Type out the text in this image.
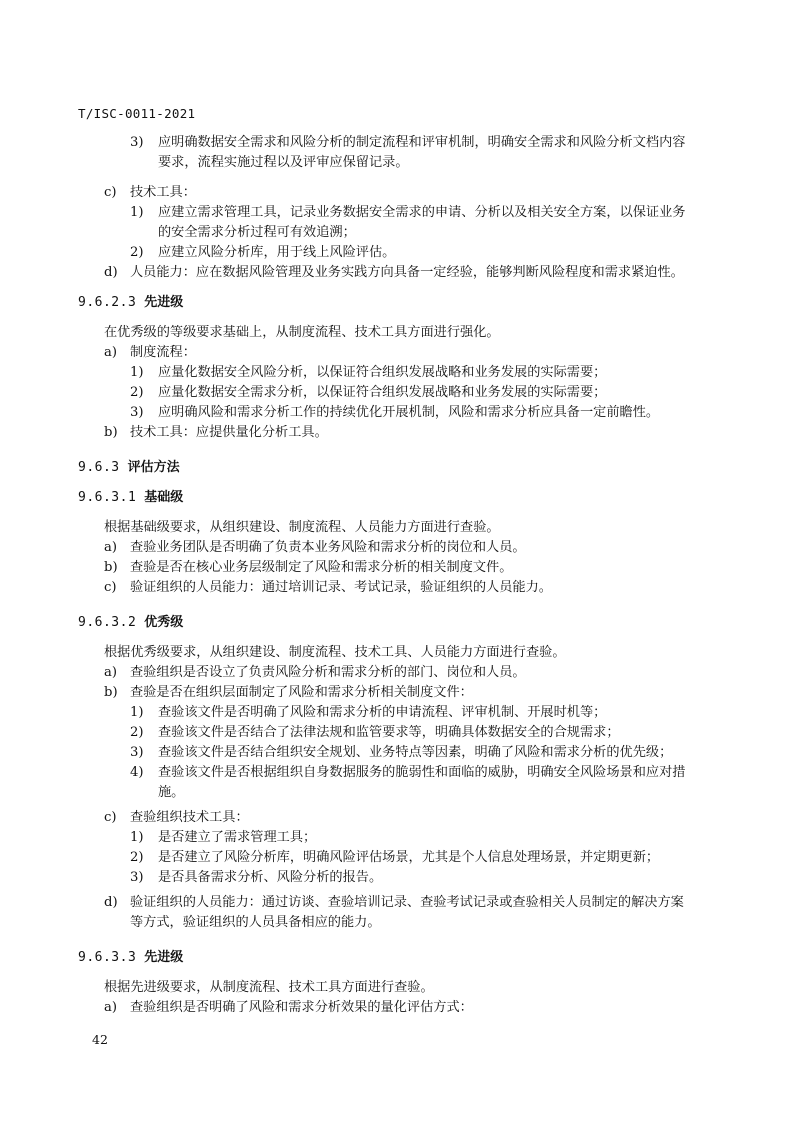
T/ISC-0011-2021
3) 应明确数据安全需求和风险分析的制定流程和评审机制，明确安全需求和风险分析文档内容
要求，流程实施过程以及评审应保留记录。
c) 技术工具：
1) 应建立需求管理工具，记录业务数据安全需求的申请、分析以及相关安全方案，以保证业务
的安全需求分析过程可有效追溯；
2) 应建立风险分析库，用于线上风险评估。
d) 人员能力：应在数据风险管理及业务实践方向具备一定经验，能够判断风险程度和需求紧迫性。
9.6.2.3 先进级
在优秀级的等级要求基础上，从制度流程、技术工具方面进行强化。
a) 制度流程：
1) 应量化数据安全风险分析，以保证符合组织发展战略和业务发展的实际需要；
2) 应量化数据安全需求分析，以保证符合组织发展战略和业务发展的实际需要；
3) 应明确风险和需求分析工作的持续优化开展机制，风险和需求分析应具备一定前瞻性。
b) 技术工具：应提供量化分析工具。
9.6.3 评估方法
9.6.3.1 基础级
根据基础级要求，从组织建设、制度流程、人员能力方面进行查验。
a) 查验业务团队是否明确了负责本业务风险和需求分析的岗位和人员。
b) 查验是否在核心业务层级制定了风险和需求分析的相关制度文件。
c) 验证组织的人员能力：通过培训记录、考试记录，验证组织的人员能力。
9.6.3.2 优秀级
根据优秀级要求，从组织建设、制度流程、技术工具、人员能力方面进行查验。
a) 查验组织是否设立了负责风险分析和需求分析的部门、岗位和人员。
b) 查验是否在组织层面制定了风险和需求分析相关制度文件：
1) 查验该文件是否明确了风险和需求分析的申请流程、评审机制、开展时机等；
2) 查验该文件是否结合了法律法规和监管要求等，明确具体数据安全的合规需求；
3) 查验该文件是否结合组织安全规划、业务特点等因素，明确了风险和需求分析的优先级；
4) 查验该文件是否根据组织自身数据服务的脆弱性和面临的威胁，明确安全风险场景和应对措
施。
c) 查验组织技术工具：
1) 是否建立了需求管理工具；
2) 是否建立了风险分析库，明确风险评估场景，尤其是个人信息处理场景，并定期更新；
3) 是否具备需求分析、风险分析的报告。
d) 验证组织的人员能力：通过访谈、查验培训记录、查验考试记录或查验相关人员制定的解决方案
等方式，验证组织的人员具备相应的能力。
9.6.3.3 先进级
根据先进级要求，从制度流程、技术工具方面进行查验。
a) 查验组织是否明确了风险和需求分析效果的量化评估方式：
42
